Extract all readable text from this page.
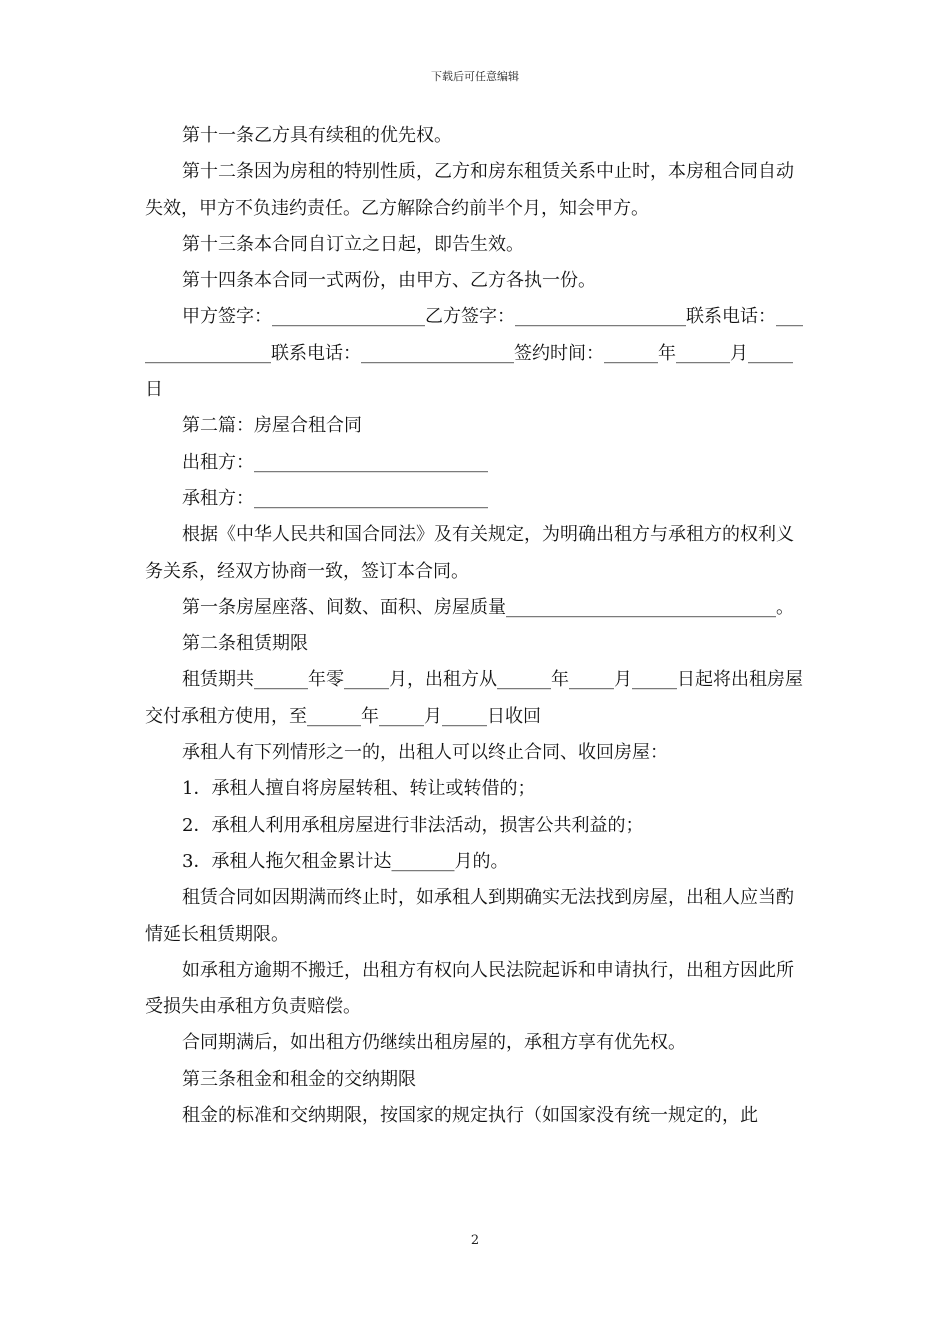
下载后可任意编辑

第十一条乙方具有续租的优先权。

第十二条因为房租的特别性质，乙方和房东租赁关系中止时，本房租合同自动失效，甲方不负违约责任。乙方解除合约前半个月，知会甲方。

第十三条本合同自订立之日起，即告生效。

第十四条本合同一式两份，由甲方、乙方各执一份。

甲方签字：_________________乙方签字：___________________联系电话：_________________联系电话：_________________签约时间：______年______月_____日

第二篇：房屋合租合同

出租方：__________________________

承租方：__________________________

根据《中华人民共和国合同法》及有关规定，为明确出租方与承租方的权利义务关系，经双方协商一致，签订本合同。

第一条房屋座落、间数、面积、房屋质量______________________________。

第二条租赁期限

租赁期共______年零_____月，出租方从______年_____月_____日起将出租房屋交付承租方使用，至______年_____月_____日收回

承租人有下列情形之一的，出租人可以终止合同、收回房屋：

1．承租人擅自将房屋转租、转让或转借的；

2．承租人利用承租房屋进行非法活动，损害公共利益的；

3．承租人拖欠租金累计达_______月的。

租赁合同如因期满而终止时，如承租人到期确实无法找到房屋，出租人应当酌情延长租赁期限。

如承租方逾期不搬迁，出租方有权向人民法院起诉和申请执行，出租方因此所受损失由承租方负责赔偿。

合同期满后，如出租方仍继续出租房屋的，承租方享有优先权。

第三条租金和租金的交纳期限

租金的标准和交纳期限，按国家的规定执行（如国家没有统一规定的，此

2
